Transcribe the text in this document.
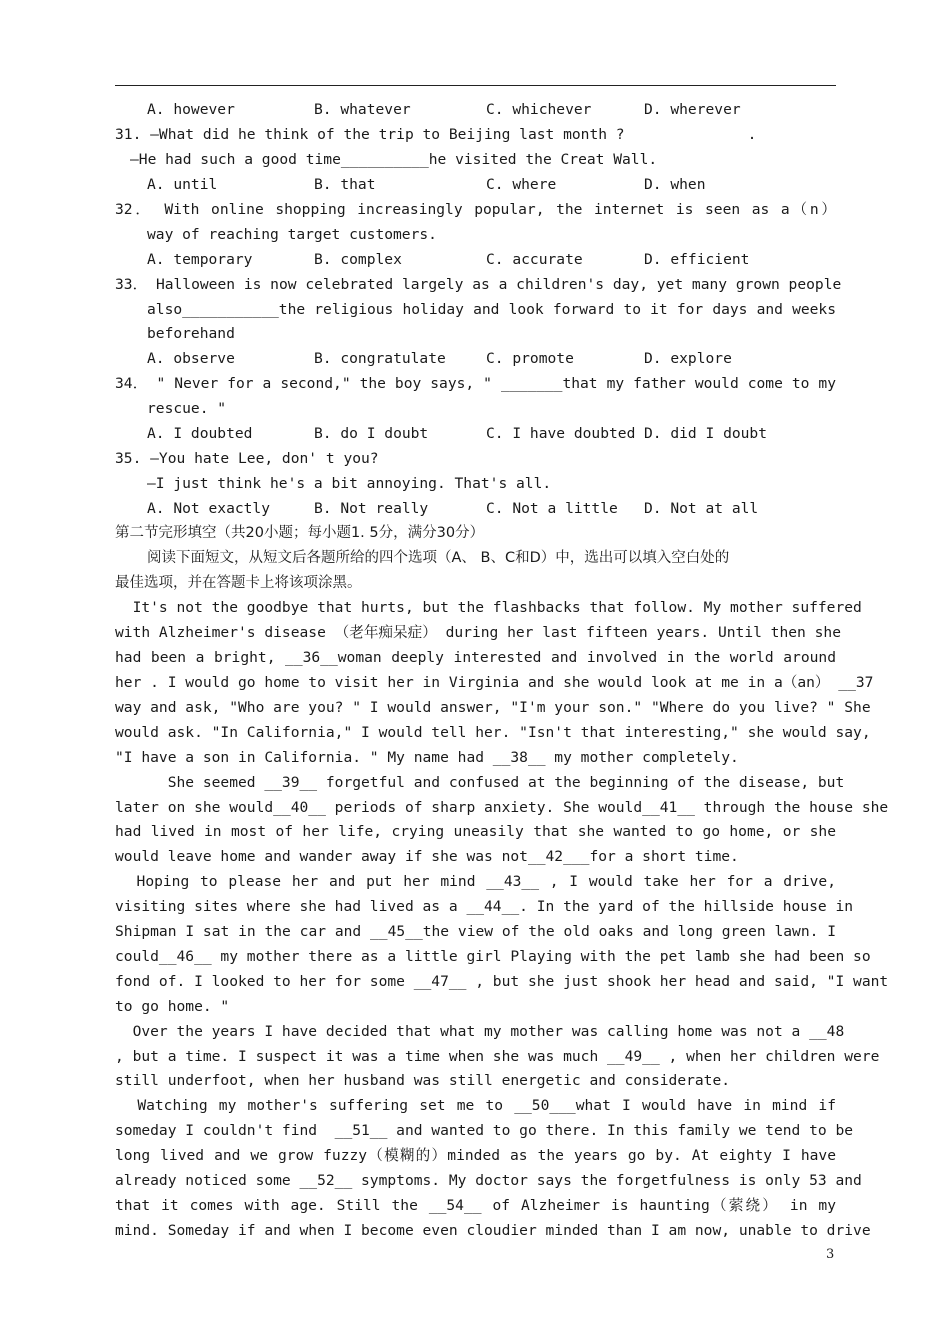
A. however	B. whatever	C. whichever	D. wherever
31. —What did he think of the trip to Beijing last month ?              .
—He had such a good time__________he visited the Creat Wall.
A. until	B. that	C. where	D. when
32． With online shopping increasingly popular, the internet is seen as a（n）
way of reaching target customers.
A. temporary	B. complex	C. accurate	D. efficient
33． Halloween is now celebrated largely as a children's day, yet many grown people
also___________the religious holiday and look forward to it for days and weeks
beforehand
A. observe	B. congratulate	C. promote	D. explore
34． " Never for a second," the boy says, " _______that my father would come to my
rescue. "
A. I doubted	B. do I doubt	C. I have doubted D. did I doubt
35. —You hate Lee, don' t you?
—I just think he's a bit annoying. That's all.
A. Not exactly	B. Not really	C. Not a little D. Not at all
第二节完形填空（共20小题；每小题1. 5分，满分30分）
阅读下面短文，从短文后各题所给的四个选项（A、 B、C和D）中，选出可以填入空白处的
最佳选项，并在答题卡上将该项涂黑。
It's not the goodbye that hurts, but the flashbacks that follow. My mother suffered
with Alzheimer's disease （老年痴呆症） during her last fifteen years. Until then she
had been a bright, __36__woman deeply interested and involved in the world around
her . I would go home to visit her in Virginia and she would look at me in a（an） __37
way and ask, "Who are you? " I would answer, "I'm your son." "Where do you live? " She
would ask. "In California," I would tell her. "Isn't that interesting," she would say,
"I have a son in California. " My name had __38__ my mother completely.
She seemed __39__ forgetful and confused at the beginning of the disease, but
later on she would__40__ periods of sharp anxiety. She would__41__ through the house she
had lived in most of her life, crying uneasily that she wanted to go home, or she
would leave home and wander away if she was not__42___for a short time.
Hoping to please her and put her mind __43__ , I would take her for a drive,
visiting sites where she had lived as a __44__. In the yard of the hillside house in
Shipman I sat in the car and __45__the view of the old oaks and long green lawn. I
could__46__ my mother there as a little girl Playing with the pet lamb she had been so
fond of. I looked to her for some __47__ , but she just shook her head and said, "I want
to go home. "
Over the years I have decided that what my mother was calling home was not a __48
, but a time. I suspect it was a time when she was much __49__ , when her children were
still underfoot, when her husband was still energetic and considerate.
Watching my mother's suffering set me to __50___what I would have in mind if
someday I couldn't find  __51__ and wanted to go there. In this family we tend to be
long lived and we grow fuzzy（模糊的）minded as the years go by. At eighty I have
already noticed some __52__ symptoms. My doctor says the forgetfulness is only 53 and
that it comes with age. Still the __54__ of Alzheimer is haunting（萦绕） in my
mind. Someday if and when I become even cloudier minded than I am now, unable to drive
3
